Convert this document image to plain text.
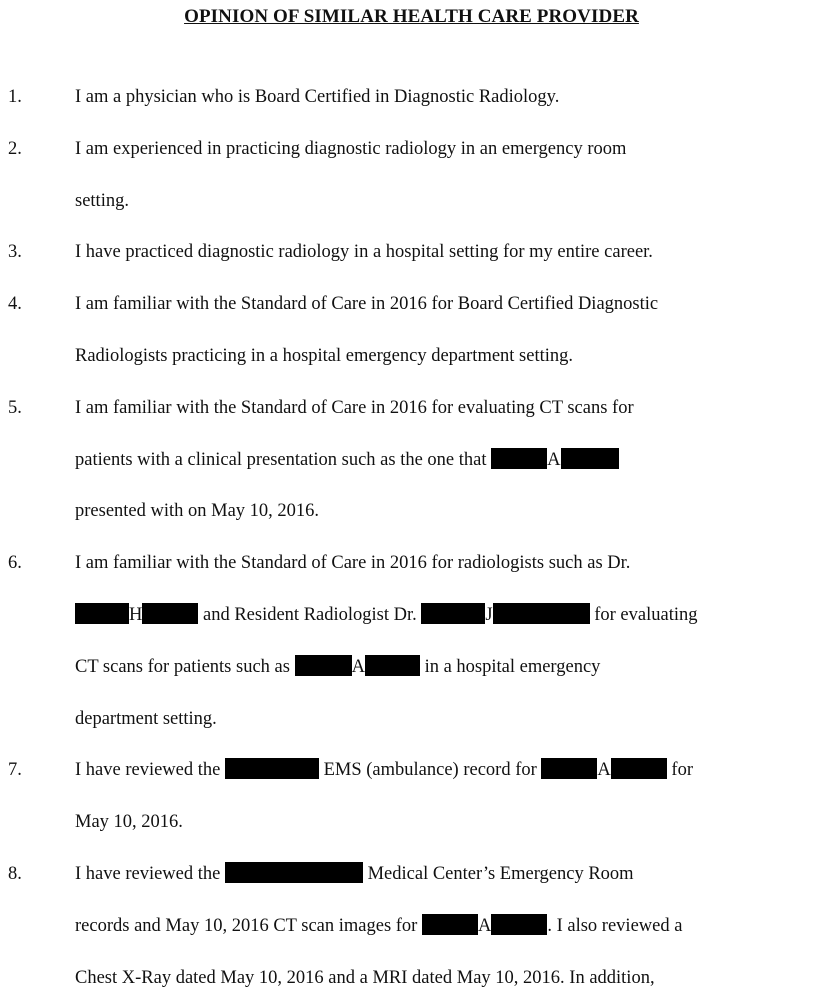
OPINION OF SIMILAR HEALTH CARE PROVIDER
1.	I am a physician who is Board Certified in Diagnostic Radiology.
2.	I am experienced in practicing diagnostic radiology in an emergency room
setting.
3.	I have practiced diagnostic radiology in a hospital setting for my entire career.
4.	I am familiar with the Standard of Care in 2016 for Board Certified Diagnostic
Radiologists practicing in a hospital emergency department setting.
5.	I am familiar with the Standard of Care in 2016 for evaluating CT scans for
patients with a clinical presentation such as the one that	A
presented with on May 10, 2016.
6.	I am familiar with the Standard of Care in 2016 for radiologists such as Dr.
H	and Resident Radiologist Dr.	J	for evaluating
CT scans for patients such as	A	in a hospital emergency
department setting.
7.	I have reviewed the	EMS (ambulance) record for	A	for
May 10, 2016.
8.	I have reviewed the	Medical Center’s Emergency Room
records and May 10, 2016 CT scan images for	A	. I also reviewed a
Chest X-Ray dated May 10, 2016 and a MRI dated May 10, 2016. In addition,
